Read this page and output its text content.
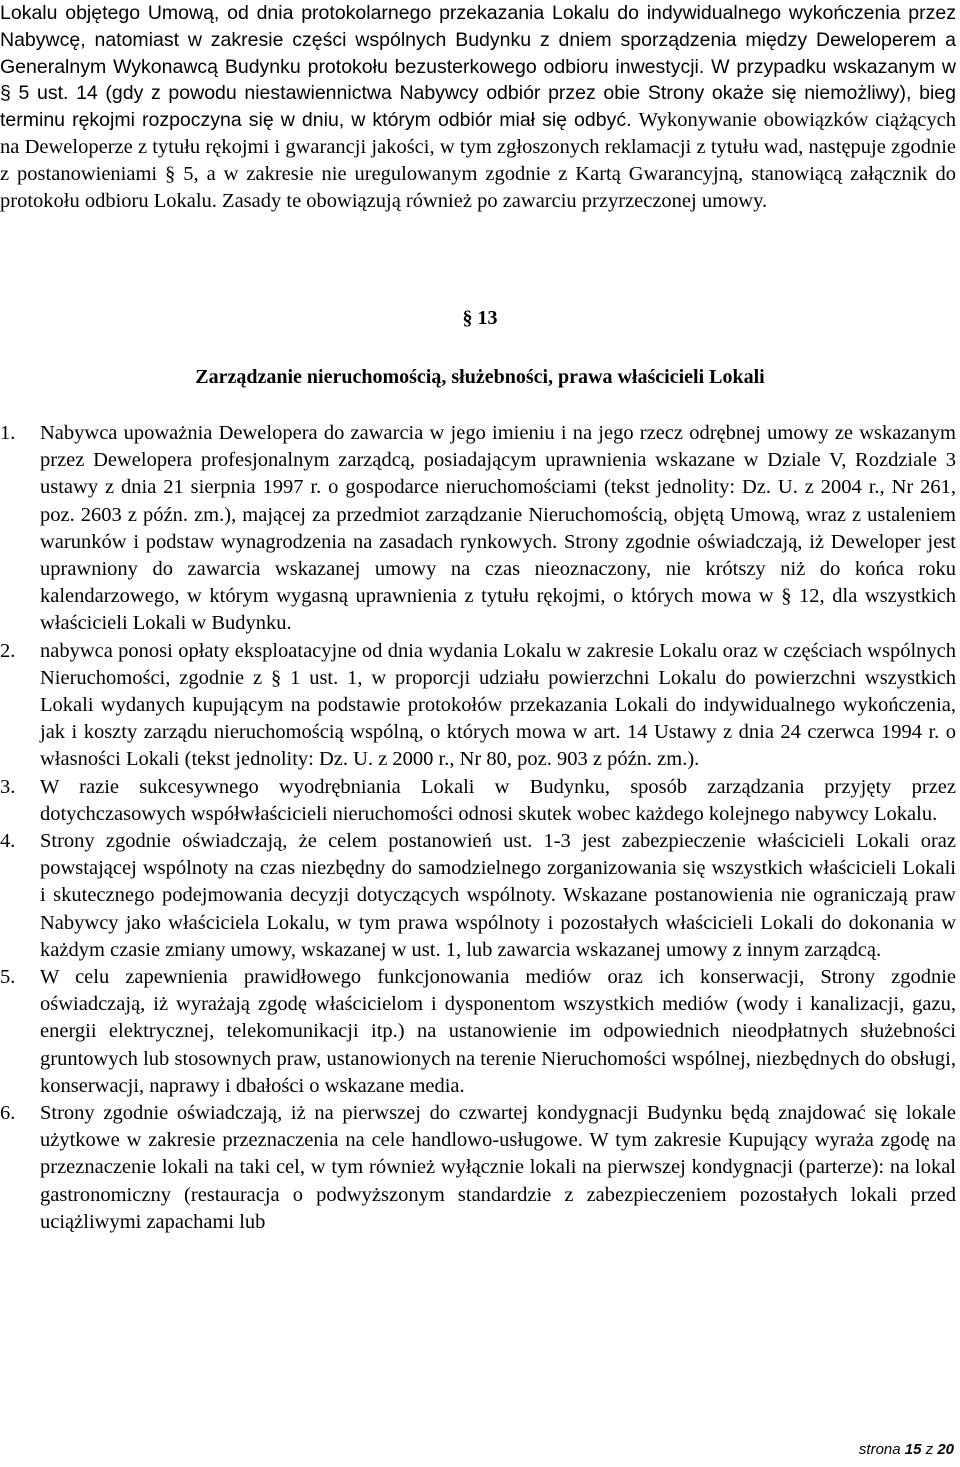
Lokalu objętego Umową, od dnia protokolarnego przekazania Lokalu do indywidualnego wykończenia przez Nabywcę, natomiast w zakresie części wspólnych Budynku z dniem sporządzenia między Deweloperem a Generalnym Wykonawcą Budynku protokołu bezusterkowego odbioru inwestycji. W przypadku wskazanym w § 5 ust. 14 (gdy z powodu niestawiennictwa Nabywcy odbiór przez obie Strony okaże się niemożliwy), bieg terminu rękojmi rozpoczyna się w dniu, w którym odbiór miał się odbyć. Wykonywanie obowiązków ciążących na Deweloperze z tytułu rękojmi i gwarancji jakości, w tym zgłoszonych reklamacji z tytułu wad, następuje zgodnie z postanowieniami § 5, a w zakresie nie uregulowanym zgodnie z Kartą Gwarancyjną, stanowiącą załącznik do protokołu odbioru Lokalu. Zasady te obowiązują również po zawarciu przyrzeczonej umowy.

Zarządzanie nieruchomością, służebności, prawa właścicieli Lokali

1. Nabywca upoważnia Dewelopera do zawarcia w jego imieniu i na jego rzecz odrębnej umowy ze wskazanym przez Dewelopera profesjonalnym zarządcą, posiadającym uprawnienia wskazane w Dziale V, Rozdziale 3 ustawy z dnia 21 sierpnia 1997 r. o gospodarce nieruchomościami (tekst jednolity: Dz. U. z 2004 r., Nr 261, poz. 2603 z późn. zm.), mającej za przedmiot zarządzanie Nieruchomością, objętą Umową, wraz z ustaleniem warunków i podstaw wynagrodzenia na zasadach rynkowych. Strony zgodnie oświadczają, iż Deweloper jest uprawniony do zawarcia wskazanej umowy na czas nieoznaczony, nie krótszy niż do końca roku kalendarzowego, w którym wygasną uprawnienia z tytułu rękojmi, o których mowa w § 12, dla wszystkich właścicieli Lokali w Budynku.
2. nabywca ponosi opłaty eksploatacyjne od dnia wydania Lokalu w zakresie Lokalu oraz w częściach wspólnych Nieruchomości, zgodnie z § 1 ust. 1, w proporcji udziału powierzchni Lokalu do powierzchni wszystkich Lokali wydanych kupującym na podstawie protokołów przekazania Lokali do indywidualnego wykończenia, jak i koszty zarządu nieruchomością wspólną, o których mowa w art. 14 Ustawy z dnia 24 czerwca 1994 r. o własności Lokali (tekst jednolity: Dz. U. z 2000 r., Nr 80, poz. 903 z późn. zm.).
3. W razie sukcesywnego wyodrębniania Lokali w Budynku, sposób zarządzania przyjęty przez dotychczasowych współwłaścicieli nieruchomości odnosi skutek wobec każdego kolejnego nabywcy Lokalu.
4. Strony zgodnie oświadczają, że celem postanowień ust. 1-3 jest zabezpieczenie właścicieli Lokali oraz powstającej wspólnoty na czas niezbędny do samodzielnego zorganizowania się wszystkich właścicieli Lokali i skutecznego podejmowania decyzji dotyczących wspólnoty. Wskazane postanowienia nie ograniczają praw Nabywcy jako właściciela Lokalu, w tym prawa wspólnoty i pozostałych właścicieli Lokali do dokonania w każdym czasie zmiany umowy, wskazanej w ust. 1, lub zawarcia wskazanej umowy z innym zarządcą.
5. W celu zapewnienia prawidłowego funkcjonowania mediów oraz ich konserwacji, Strony zgodnie oświadczają, iż wyrażają zgodę właścicielom i dysponentom wszystkich mediów (wody i kanalizacji, gazu, energii elektrycznej, telekomunikacji itp.) na ustanowienie im odpowiednich nieodpłatnych służebności gruntowych lub stosownych praw, ustanowionych na terenie Nieruchomości wspólnej, niezbędnych do obsługi, konserwacji, naprawy i dbałości o wskazane media.
6. Strony zgodnie oświadczają, iż na pierwszej do czwartej kondygnacji Budynku będą znajdować się lokale użytkowe w zakresie przeznaczenia na cele handlowo-usługowe. W tym zakresie Kupujący wyraża zgodę na przeznaczenie lokali na taki cel, w tym również wyłącznie lokali na pierwszej kondygnacji (parterze): na lokal gastronomiczny (restauracja o podwyższonym standardzie z zabezpieczeniem pozostałych lokali przed uciążliwymi zapachami lub

strona 15 z 20

§ 13
